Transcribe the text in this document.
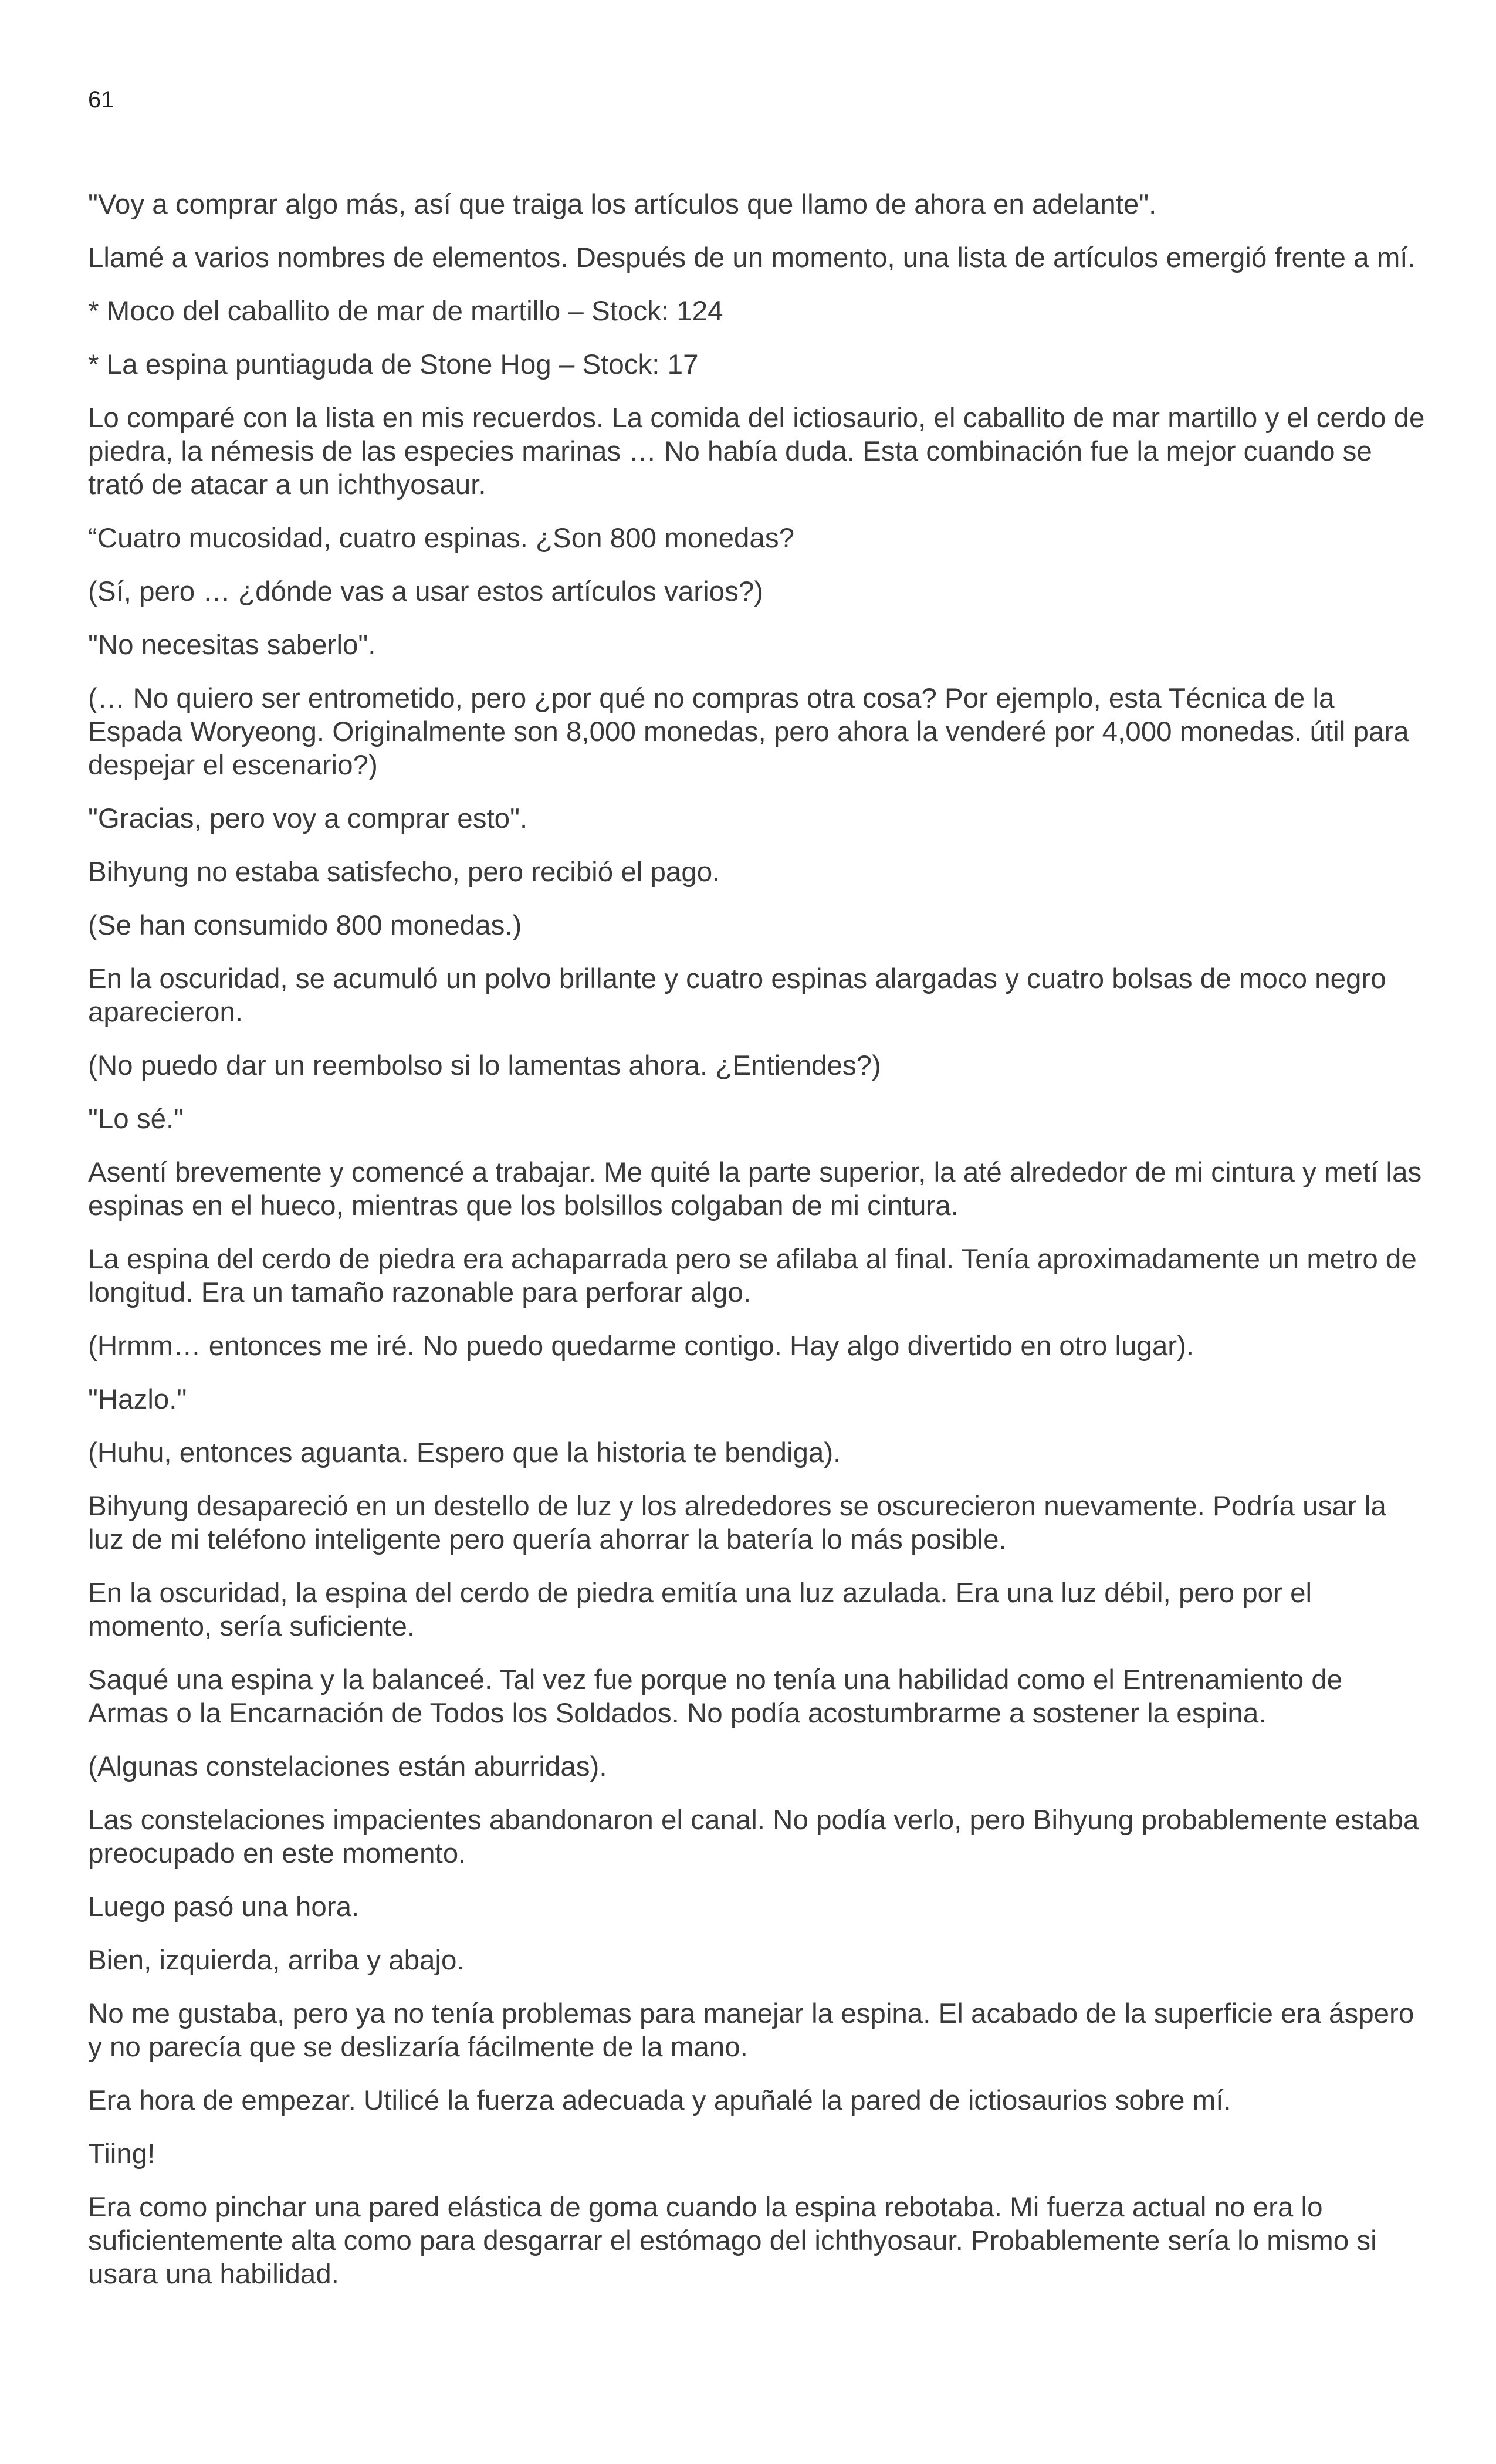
61

"Voy a comprar algo más, así que traiga los artículos que llamo de ahora en adelante".

Llamé a varios nombres de elementos. Después de un momento, una lista de artículos emergió frente a mí.

* Moco del caballito de mar de martillo – Stock: 124

* La espina puntiaguda de Stone Hog – Stock: 17

Lo comparé con la lista en mis recuerdos. La comida del ictiosaurio, el caballito de mar martillo y el cerdo de piedra, la némesis de las especies marinas … No había duda. Esta combinación fue la mejor cuando se trató de atacar a un ichthyosaur.

“Cuatro mucosidad, cuatro espinas. ¿Son 800 monedas?

(Sí, pero … ¿dónde vas a usar estos artículos varios?)

"No necesitas saberlo".

(… No quiero ser entrometido, pero ¿por qué no compras otra cosa? Por ejemplo, esta Técnica de la Espada Woryeong. Originalmente son 8,000 monedas, pero ahora la venderé por 4,000 monedas. útil para despejar el escenario?)

"Gracias, pero voy a comprar esto".

Bihyung no estaba satisfecho, pero recibió el pago.

(Se han consumido 800 monedas.)

En la oscuridad, se acumuló un polvo brillante y cuatro espinas alargadas y cuatro bolsas de moco negro aparecieron.

(No puedo dar un reembolso si lo lamentas ahora. ¿Entiendes?)

"Lo sé."

Asentí brevemente y comencé a trabajar. Me quité la parte superior, la até alrededor de mi cintura y metí las espinas en el hueco, mientras que los bolsillos colgaban de mi cintura.

La espina del cerdo de piedra era achaparrada pero se afilaba al final. Tenía aproximadamente un metro de longitud. Era un tamaño razonable para perforar algo.

(Hrmm… entonces me iré. No puedo quedarme contigo. Hay algo divertido en otro lugar).

"Hazlo."

(Huhu, entonces aguanta. Espero que la historia te bendiga).

Bihyung desapareció en un destello de luz y los alrededores se oscurecieron nuevamente. Podría usar la luz de mi teléfono inteligente pero quería ahorrar la batería lo más posible.

En la oscuridad, la espina del cerdo de piedra emitía una luz azulada. Era una luz débil, pero por el momento, sería suficiente.

Saqué una espina y la balanceé. Tal vez fue porque no tenía una habilidad como el Entrenamiento de Armas o la Encarnación de Todos los Soldados. No podía acostumbrarme a sostener la espina.

(Algunas constelaciones están aburridas).

Las constelaciones impacientes abandonaron el canal. No podía verlo, pero Bihyung probablemente estaba preocupado en este momento.

Luego pasó una hora.

Bien, izquierda, arriba y abajo.

No me gustaba, pero ya no tenía problemas para manejar la espina. El acabado de la superficie era áspero y no parecía que se deslizaría fácilmente de la mano.

Era hora de empezar. Utilicé la fuerza adecuada y apuñalé la pared de ictiosaurios sobre mí.

Tiing!

Era como pinchar una pared elástica de goma cuando la espina rebotaba. Mi fuerza actual no era lo suficientemente alta como para desgarrar el estómago del ichthyosaur. Probablemente sería lo mismo si usara una habilidad.
